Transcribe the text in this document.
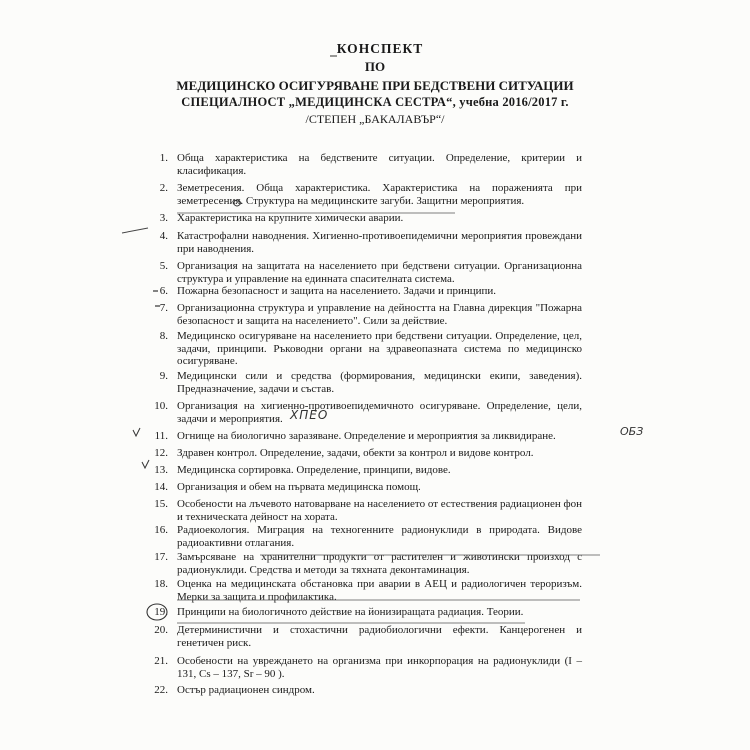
КОНСПЕКТ
ПО
МЕДИЦИНСКО ОСИГУРЯВАНЕ ПРИ БЕДСТВЕНИ СИТУАЦИИ
СПЕЦИАЛНОСТ „МЕДИЦИНСКА СЕСТРА“, учебна 2016/2017 г.
/СТЕПЕН „БАКАЛАВЪР“/
1. Обща характеристика на бедствените ситуации. Определение, критерии и класификация.
2. Земетресения. Обща характеристика. Характеристика на пораженията при земетресения. Структура на медицинските загуби. Защитни мероприятия.
3. Характеристика на крупните химически аварии.
4. Катастрофални наводнения. Хигиенно-противоепидемични мероприятия провеждани при наводнения.
5. Организация на защитата на населението при бедствени ситуации. Организационна структура и управление на единната спасителната система.
6. Пожарна безопасност и защита на населението. Задачи и принципи.
7. Организационна структура и управление на дейността на Главна дирекция "Пожарна безопасност и защита на населението". Сили за действие.
8. Медицинско осигуряване на населението при бедствени ситуации. Определение, цел, задачи, принципи. Ръководни органи на здравеопазната система по медицинско осигуряване.
9. Медицински сили и средства (формирования, медицински екипи, заведения). Предназначение, задачи и състав.
10. Организация на хигиенно-противоепидемичното осигуряване. Определение, цели, задачи и мероприятия.
11. Огнище на биологично заразяване. Определение и мероприятия за ликвидиране.
12. Здравен контрол. Определение, задачи, обекти за контрол и видове контрол.
13. Медицинска сортировка. Определение, принципи, видове.
14. Организация и обем на първата медицинска помощ.
15. Особености на лъчевото натоварване на населението от естествения радиационен фон и техническата дейност на хората.
16. Радиоекология. Миграция на техногенните радионуклиди в природата. Видове радиоактивни отлагания.
17. Замърсяване на хранителни продукти от растителен и животински произход с радионуклиди. Средства и методи за тяхната деконтаминация.
18. Оценка на медицинската обстановка при аварии в АЕЦ и радиологичен тероризъм. Мерки за защита и профилактика.
19. Принципи на биологичното действие на йонизиращата радиация. Теории.
20. Детерминистични и стохастични радиобиологични ефекти. Канцерогенен и генетичен риск.
21. Особености на увреждането на организма при инкорпорация на радионуклиди (I – 131, Cs – 137, Sr – 90 ).
22. Остър радиационен синдром.
ХПЕО
ОБЗ
